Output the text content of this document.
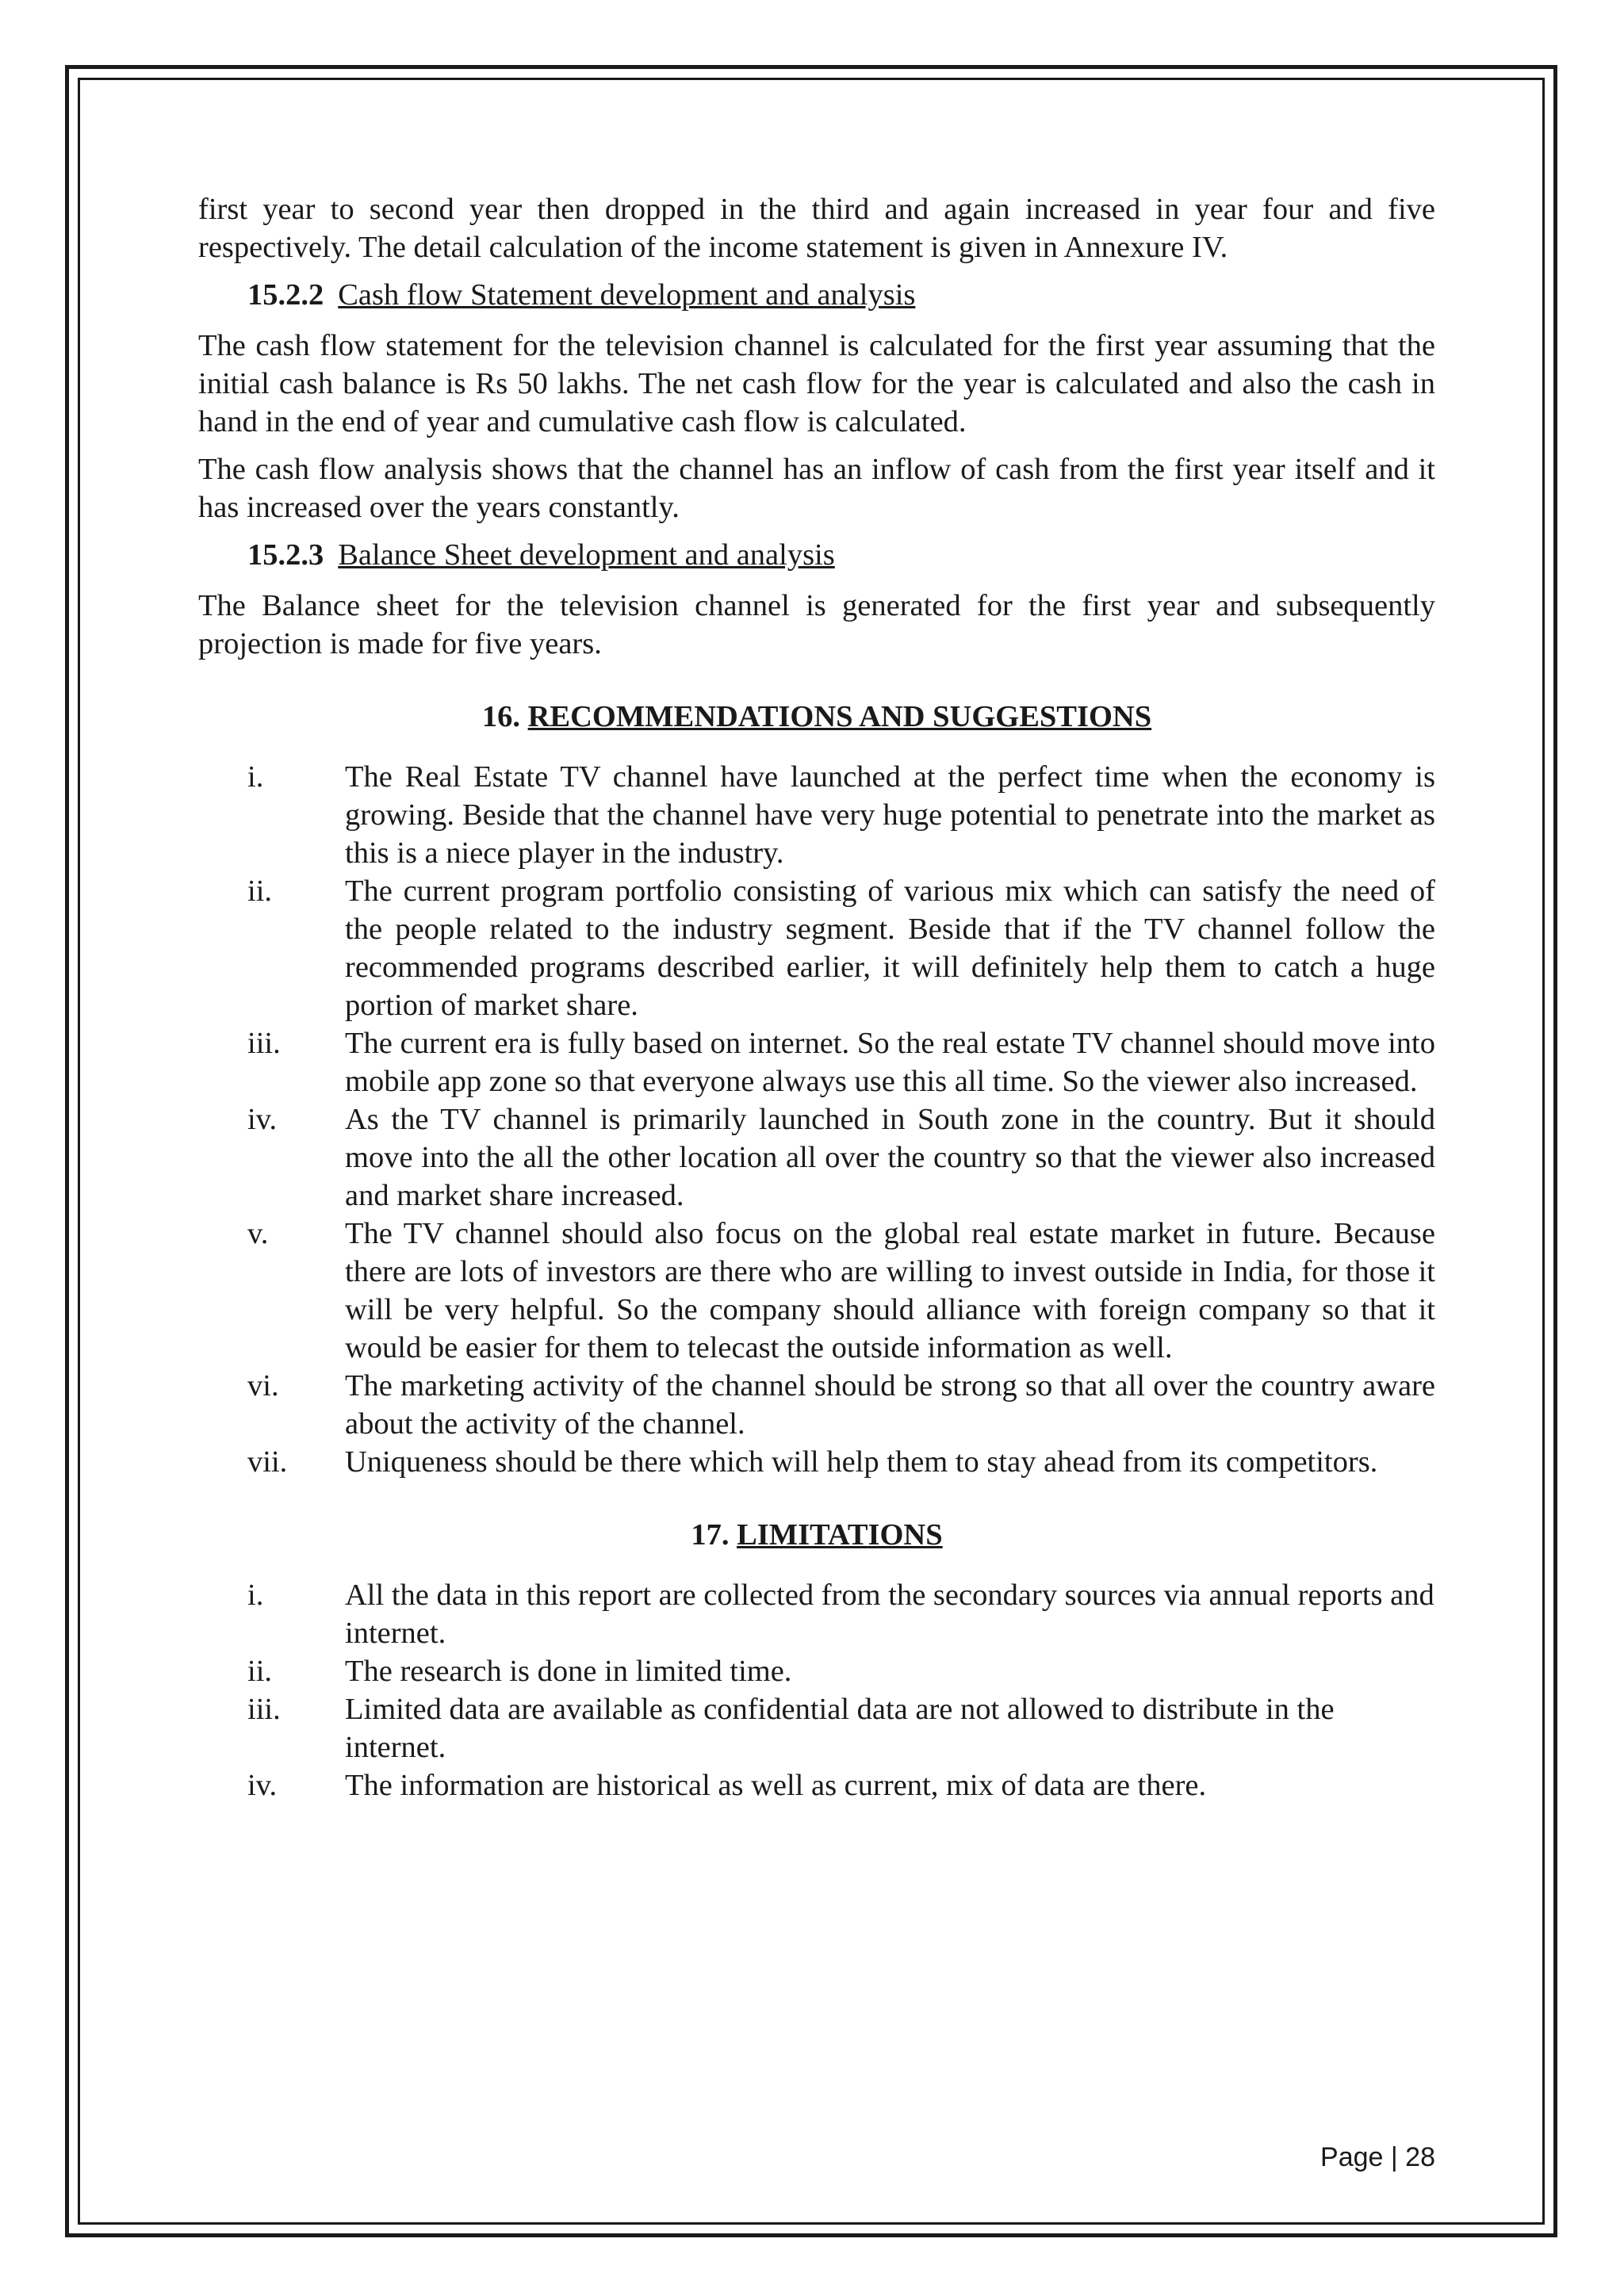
first year to second year then dropped in the third and again increased in year four and five respectively. The detail calculation of the income statement is given in Annexure IV.

15.2.2 Cash flow Statement development and analysis

The cash flow statement for the television channel is calculated for the first year assuming that the initial cash balance is Rs 50 lakhs. The net cash flow for the year is calculated and also the cash in hand in the end of year and cumulative cash flow is calculated.

The cash flow analysis shows that the channel has an inflow of cash from the first year itself and it has increased over the years constantly.

15.2.3 Balance Sheet development and analysis

The Balance sheet for the television channel is generated for the first year and subsequently projection is made for five years.

16. RECOMMENDATIONS AND SUGGESTIONS
i.	The Real Estate TV channel have launched at the perfect time when the economy is growing. Beside that the channel have very huge potential to penetrate into the market as this is a niece player in the industry.
ii.	The current program portfolio consisting of various mix which can satisfy the need of the people related to the industry segment. Beside that if the TV channel follow the recommended programs described earlier, it will definitely help them to catch a huge portion of market share.
iii.	The current era is fully based on internet. So the real estate TV channel should move into mobile app zone so that everyone always use this all time. So the viewer also increased.
iv.	As the TV channel is primarily launched in South zone in the country. But it should move into the all the other location all over the country so that the viewer also increased and market share increased.
v.	The TV channel should also focus on the global real estate market in future. Because there are lots of investors are there who are willing to invest outside in India, for those it will be very helpful. So the company should alliance with foreign company so that it would be easier for them to telecast the outside information as well.
vi.	The marketing activity of the channel should be strong so that all over the country aware about the activity of the channel.
vii.	Uniqueness should be there which will help them to stay ahead from its competitors.
17. LIMITATIONS
i.	All the data in this report are collected from the secondary sources via annual reports and internet.
ii.	The research is done in limited time.
iii.	Limited data are available as confidential data are not allowed to distribute in the internet.
iv.	The information are historical as well as current, mix of data are there.
Page | 28
